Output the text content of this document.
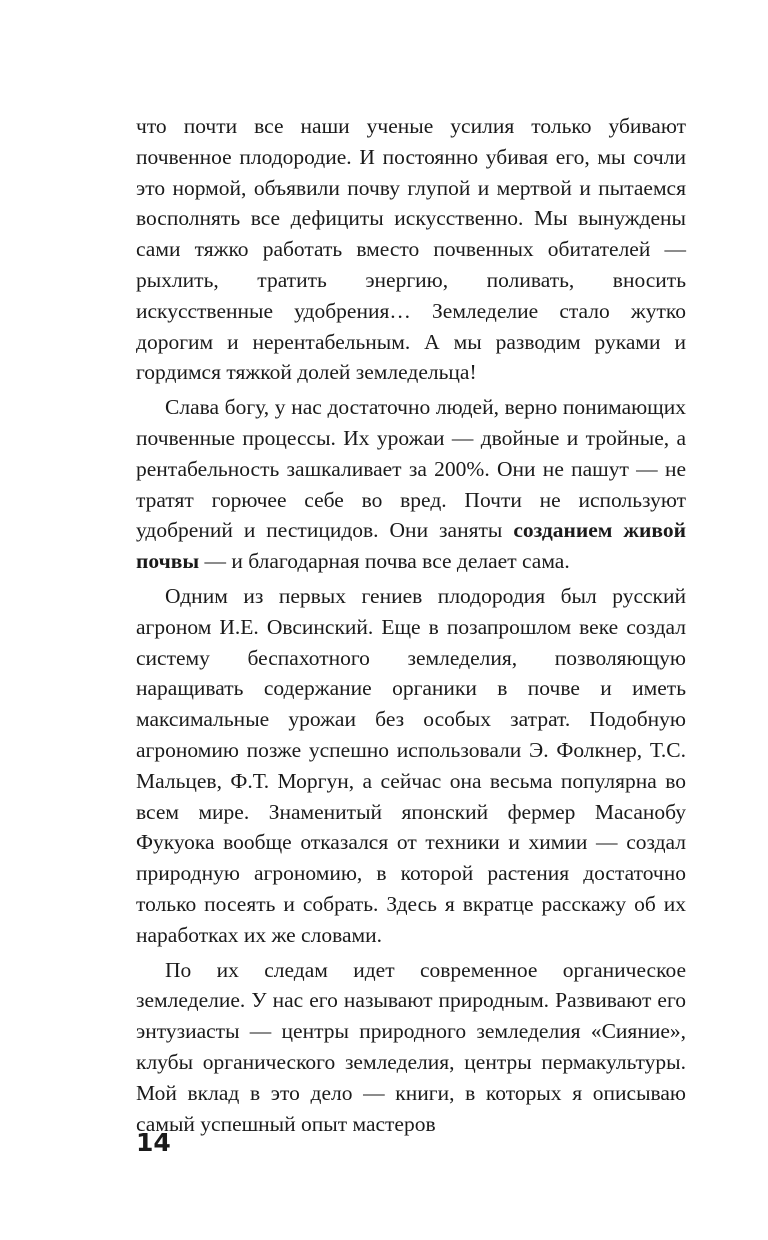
что почти все наши ученые усилия только убивают почвенное плодородие. И постоянно убивая его, мы сочли это нормой, объявили почву глупой и мертвой и пытаемся восполнять все дефициты искусственно. Мы вынуждены сами тяжко работать вместо почвенных обитателей — рыхлить, тратить энергию, поливать, вносить искусственные удобрения… Земледелие стало жутко дорогим и нерентабельным. А мы разводим руками и гордимся тяжкой долей земледельца!

Слава богу, у нас достаточно людей, верно понимающих почвенные процессы. Их урожаи — двойные и тройные, а рентабельность зашкаливает за 200%. Они не пашут — не тратят горючее себе во вред. Почти не используют удобрений и пестицидов. Они заняты созданием живой почвы — и благодарная почва все делает сама.

Одним из первых гениев плодородия был русский агроном И.Е. Овсинский. Еще в позапрошлом веке создал систему беспахотного земледелия, позволяющую наращивать содержание органики в почве и иметь максимальные урожаи без особых затрат. Подобную агрономию позже успешно использовали Э. Фолкнер, Т.С. Мальцев, Ф.Т. Моргун, а сейчас она весьма популярна во всем мире. Знаменитый японский фермер Масанобу Фукуока вообще отказался от техники и химии — создал природную агрономию, в которой растения достаточно только посеять и собрать. Здесь я вкратце расскажу об их наработках их же словами.

По их следам идет современное органическое земледелие. У нас его называют природным. Развивают его энтузиасты — центры природного земледелия «Сияние», клубы органического земледелия, центры пермакультуры. Мой вклад в это дело — книги, в которых я описываю самый успешный опыт мастеров

14
